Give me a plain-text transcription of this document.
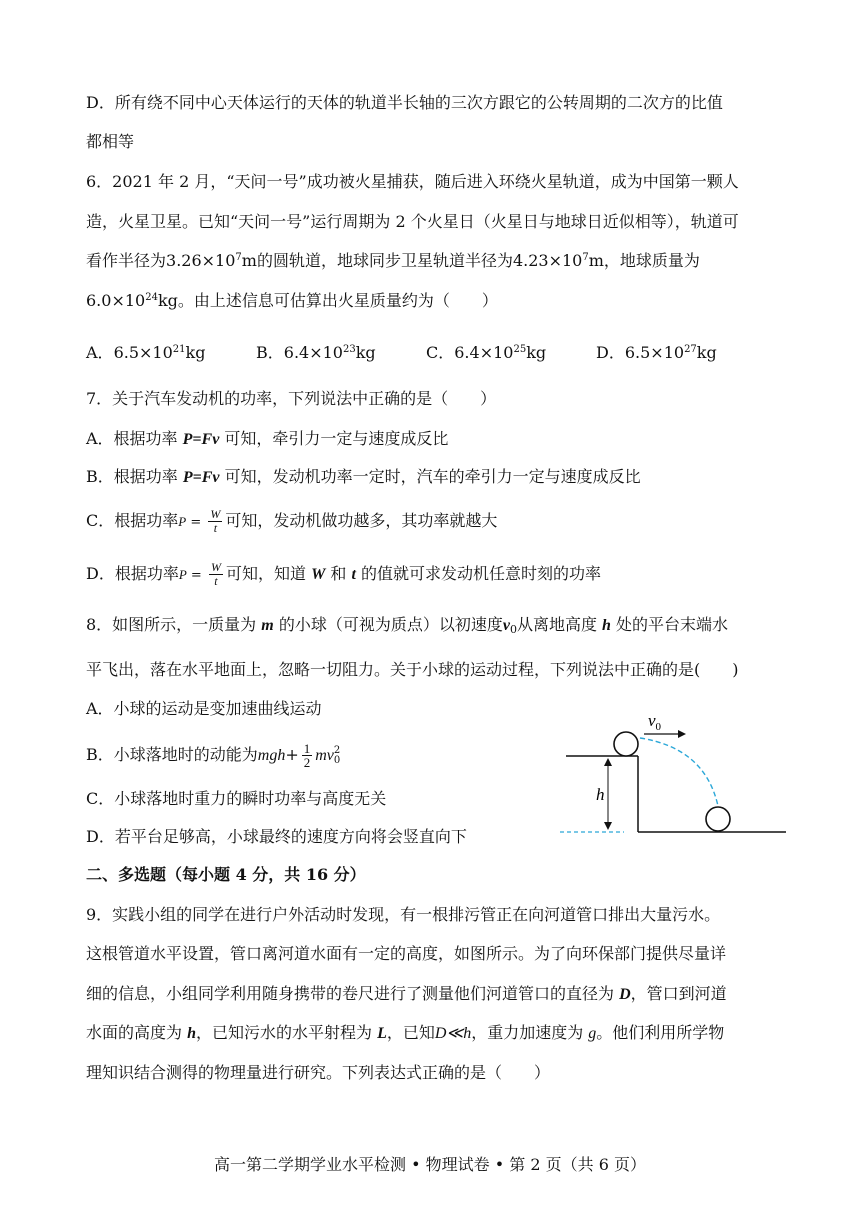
D．所有绕不同中心天体运行的天体的轨道半长轴的三次方跟它的公转周期的二次方的比值
都相等
6．2021 年 2 月，“天问一号”成功被火星捕获，随后进入环绕火星轨道，成为中国第一颗人
造，火星卫星。已知“天问一号”运行周期为 2 个火星日（火星日与地球日近似相等），轨道可
看作半径为$3.26\times 10^7m$的圆轨道，地球同步卫星轨道半径为$4.23\times 10^7m$，地球质量为
$6.0\times 10^{24}kg$。由上述信息可估算出火星质量约为（　　）
A．$6.5\times 10^{21}kg$	B．$6.4\times 10^{23}kg$	C．$6.4\times 10^{25}kg$	D．$6.5\times 10^{27}kg$
7．关于汽车发动机的功率，下列说法中正确的是（　　）
A．根据功率 P=Fv 可知，牵引力一定与速度成反比
B．根据功率 P=Fv 可知，发动机功率一定时，汽车的牵引力一定与速度成反比
C．根据功率$P = \frac{W}{t}$ 可知，发动机做功越多，其功率就越大
D．根据功率$P = \frac{W}{t}$ 可知，知道 W 和 t 的值就可求发动机任意时刻的功率
8．如图所示，一质量为 m 的小球（可视为质点）以初速度$v_0$从离地高度 h 处的平台末端水
平飞出，落在水平地面上，忽略一切阻力。关于小球的运动过程，下列说法中正确的是(　　)
A．小球的运动是变加速曲线运动
B．小球落地时的动能为$mgh+ \frac{1}{2}$ mv 2
0
C．小球落地时重力的瞬时功率与高度无关
D．若平台足够高，小球最终的速度方向将会竖直向下
h
$v_0$
二、多选题（每小题 4 分，共 16 分）
9．实践小组的同学在进行户外活动时发现，有一根排污管正在向河道管口排出大量污水。
这根管道水平设置，管口离河道水面有一定的高度，如图所示。为了向环保部门提供尽量详
细的信息，小组同学利用随身携带的卷尺进行了测量他们河道管口的直径为 D，管口到河道
水面的高度为 h，已知污水的水平射程为 L，已知D≪h，重力加速度为 g。他们利用所学物
理知识结合测得的物理量进行研究。下列表达式正确的是（　　）
高一第二学期学业水平检测 • 物理试卷 • 第 2 页（共 6 页）
